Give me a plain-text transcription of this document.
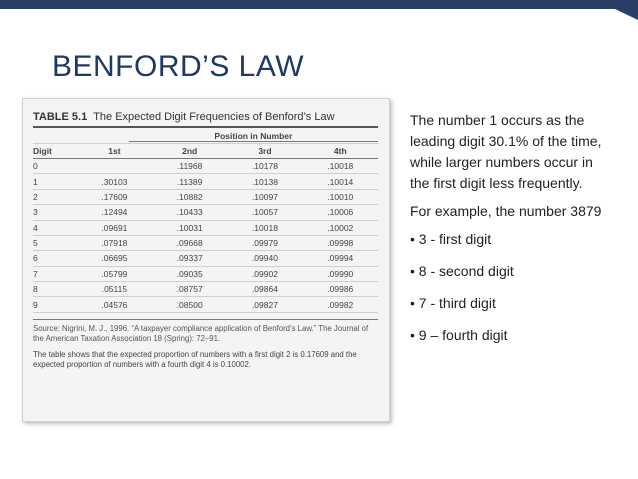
BENFORD’S LAW
TABLE 5.1 The Expected Digit Frequencies of Benford’s Law

	Position in Number			

Digit	1st	2nd	3rd	4th
0		.11968	.10178	.10018
1	.30103	.11389	.10138	.10014
2	.17609	.10882	.10097	.10010
3	.12494	.10433	.10057	.10006
4	.09691	.10031	.10018	.10002
5	.07918	.09668	.09979	.09998
6	.06695	.09337	.09940	.09994
7	.05799	.09035	.09902	.09990
8	.05115	.08757	.09864	.09986
9	.04576	.08500	.09827	.09982
Source: Nigrini, M. J., 1996. “A taxpayer compliance application of Benford’s Law.” The Journal of the American Taxation Association 18 (Spring): 72–91.
The table shows that the expected proportion of numbers with a first digit 2 is 0.17609 and the expected proportion of numbers with a fourth digit 4 is 0.10002.

The number 1 occurs as the leading digit 30.1% of the time, while larger numbers occur in the first digit less frequently.

For example, the number 3879

• 3 - first digit
• 8 - second digit
• 7 - third digit
• 9 – fourth digit
